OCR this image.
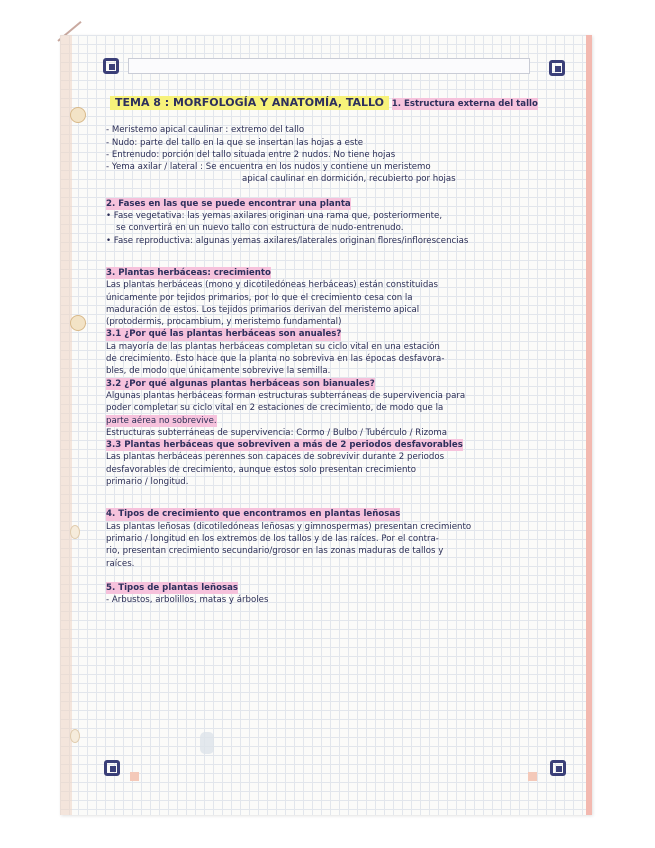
TEMA 8 : MORFOLOGÍA Y ANATOMÍA, TALLO 1. Estructura externa del tallo
- Meristemo apical caulinar : extremo del tallo
- Nudo: parte del tallo en la que se insertan las hojas a este
- Entrenudo: porción del tallo situada entre 2 nudos. No tiene hojas
- Yema axilar / lateral : Se encuentra en los nudos y contiene un meristemo
apical caulinar en dormición, recubierto por hojas
2. Fases en las que se puede encontrar una planta
• Fase vegetativa: las yemas axilares originan una rama que, posteriormente,
se convertirá en un nuevo tallo con estructura de nudo-entrenudo.
• Fase reproductiva: algunas yemas axilares/laterales originan flores/inflorescencias
3. Plantas herbáceas: crecimiento
Las plantas herbáceas (mono y dicotiledóneas herbáceas) están constituidas
únicamente por tejidos primarios, por lo que el crecimiento cesa con la
maduración de estos. Los tejidos primarios derivan del meristemo apical
(protodermis, procambium, y meristemo fundamental)
3.1 ¿Por qué las plantas herbáceas son anuales?
La mayoría de las plantas herbáceas completan su ciclo vital en una estación
de crecimiento. Esto hace que la planta no sobreviva en las épocas desfavora-
bles, de modo que únicamente sobrevive la semilla.
3.2 ¿Por qué algunas plantas herbáceas son bianuales?
Algunas plantas herbáceas forman estructuras subterráneas de supervivencia para
poder completar su ciclo vital en 2 estaciones de crecimiento, de modo que la
parte aérea no sobrevive.
Estructuras subterráneas de supervivencia: Cormo / Bulbo / Tubérculo / Rizoma
3.3 Plantas herbáceas que sobreviven a más de 2 periodos desfavorables
Las plantas herbáceas perennes son capaces de sobrevivir durante 2 periodos
desfavorables de crecimiento, aunque estos solo presentan crecimiento
primario / longitud.
4. Tipos de crecimiento que encontramos en plantas leñosas
Las plantas leñosas (dicotiledóneas leñosas y gimnospermas) presentan crecimiento
primario / longitud en los extremos de los tallos y de las raíces. Por el contra-
rio, presentan crecimiento secundario/grosor en las zonas maduras de tallos y
raíces.
5. Tipos de plantas leñosas
- Arbustos, arbolillos, matas y árboles
